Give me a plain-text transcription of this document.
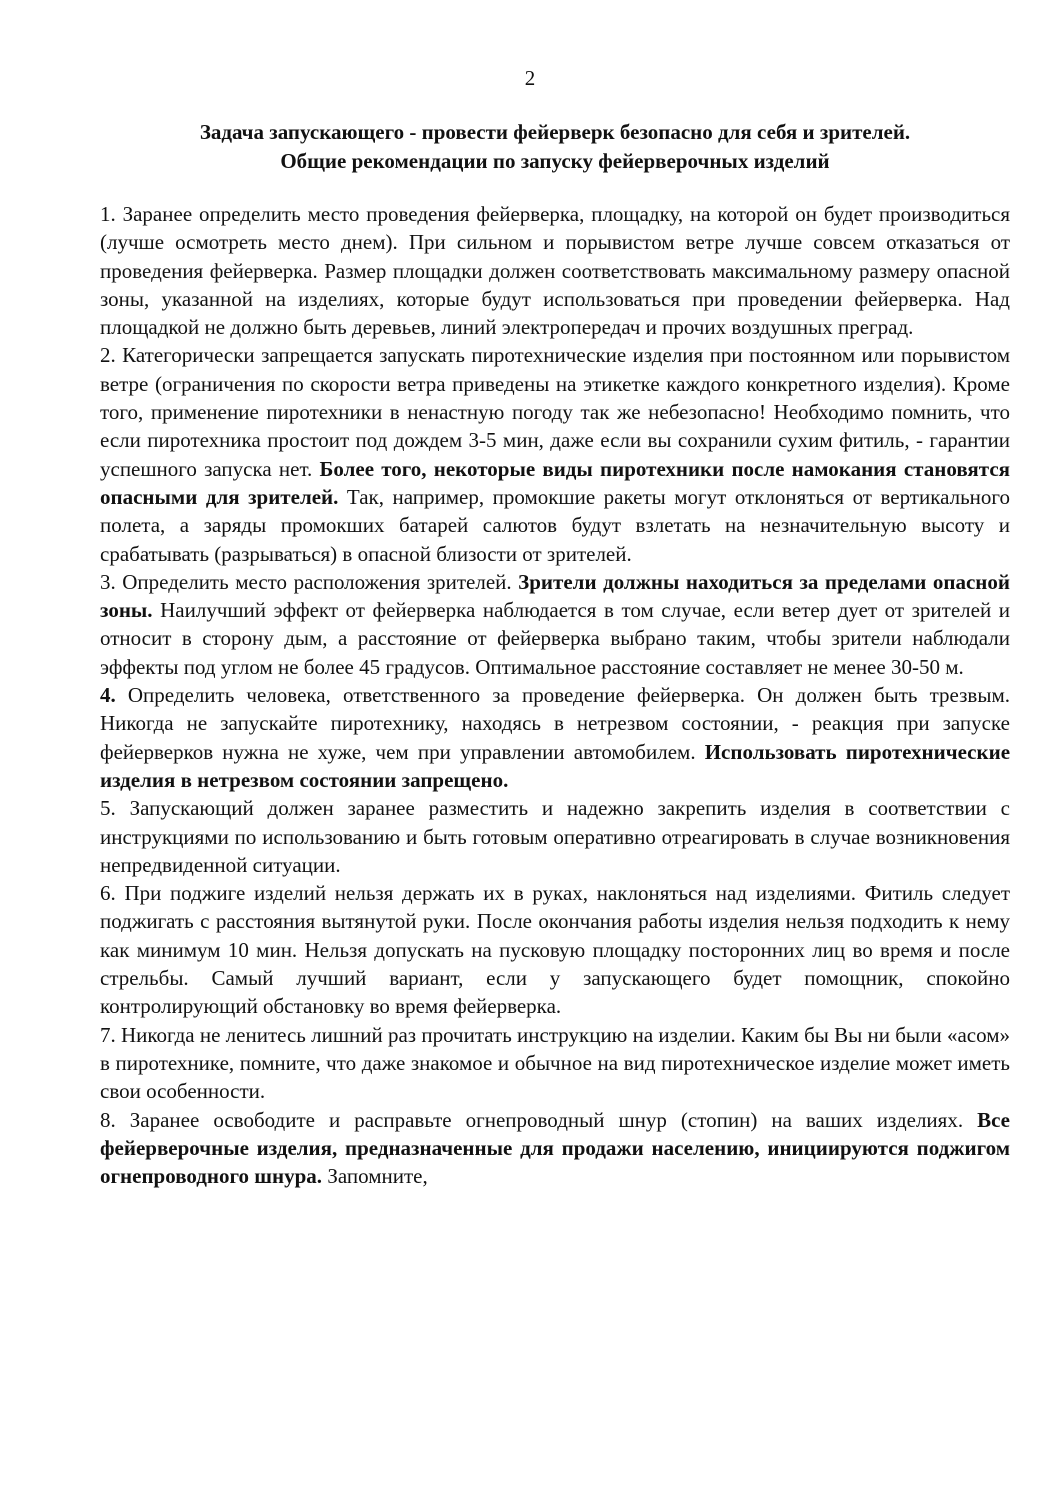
2
Задача запускающего - провести фейерверк безопасно для себя и зрителей.
Общие рекомендации по запуску фейерверочных изделий

1. Заранее определить место проведения фейерверка, площадку, на которой он будет производиться (лучше осмотреть место днем). При сильном и порывистом ветре лучше совсем отказаться от проведения фейерверка. Размер площадки должен соответствовать максимальному размеру опасной зоны, указанной на изделиях, которые будут использоваться при проведении фейерверка. Над площадкой не должно быть деревьев, линий электропередач и прочих воздушных преград.

2. Категорически запрещается запускать пиротехнические изделия при постоянном или порывистом ветре (ограничения по скорости ветра приведены на этикетке каждого конкретного изделия). Кроме того, применение пиротехники в ненастную погоду так же небезопасно! Необходимо помнить, что если пиротехника простоит под дождем 3-5 мин, даже если вы сохранили сухим фитиль, - гарантии успешного запуска нет. Более того, некоторые виды пиротехники после намокания становятся опасными для зрителей. Так, например, промокшие ракеты могут отклоняться от вертикального полета, а заряды промокших батарей салютов будут взлетать на незначительную высоту и срабатывать (разрываться) в опасной близости от зрителей.

3. Определить место расположения зрителей. Зрители должны находиться за пределами опасной зоны. Наилучший эффект от фейерверка наблюдается в том случае, если ветер дует от зрителей и относит в сторону дым, а расстояние от фейерверка выбрано таким, чтобы зрители наблюдали эффекты под углом не более 45 градусов. Оптимальное расстояние составляет не менее 30-50 м.

4. Определить человека, ответственного за проведение фейерверка. Он должен быть трезвым. Никогда не запускайте пиротехнику, находясь в нетрезвом состоянии, - реакция при запуске фейерверков нужна не хуже, чем при управлении автомобилем. Использовать пиротехнические изделия в нетрезвом состоянии запрещено.

5. Запускающий должен заранее разместить и надежно закрепить изделия в соответствии с инструкциями по использованию и быть готовым оперативно отреагировать в случае возникновения непредвиденной ситуации.

6. При поджиге изделий нельзя держать их в руках, наклоняться над изделиями. Фитиль следует поджигать с расстояния вытянутой руки. После окончания работы изделия нельзя подходить к нему как минимум 10 мин. Нельзя допускать на пусковую площадку посторонних лиц во время и после стрельбы. Самый лучший вариант, если у запускающего будет помощник, спокойно контролирующий обстановку во время фейерверка.

7. Никогда не ленитесь лишний раз прочитать инструкцию на изделии. Каким бы Вы ни были «асом» в пиротехнике, помните, что даже знакомое и обычное на вид пиротехническое изделие может иметь свои особенности.

8. Заранее освободите и расправьте огнепроводный шнур (стопин) на ваших изделиях. Все фейерверочные изделия, предназначенные для продажи населению, инициируются поджигом огнепроводного шнура. Запомните,
